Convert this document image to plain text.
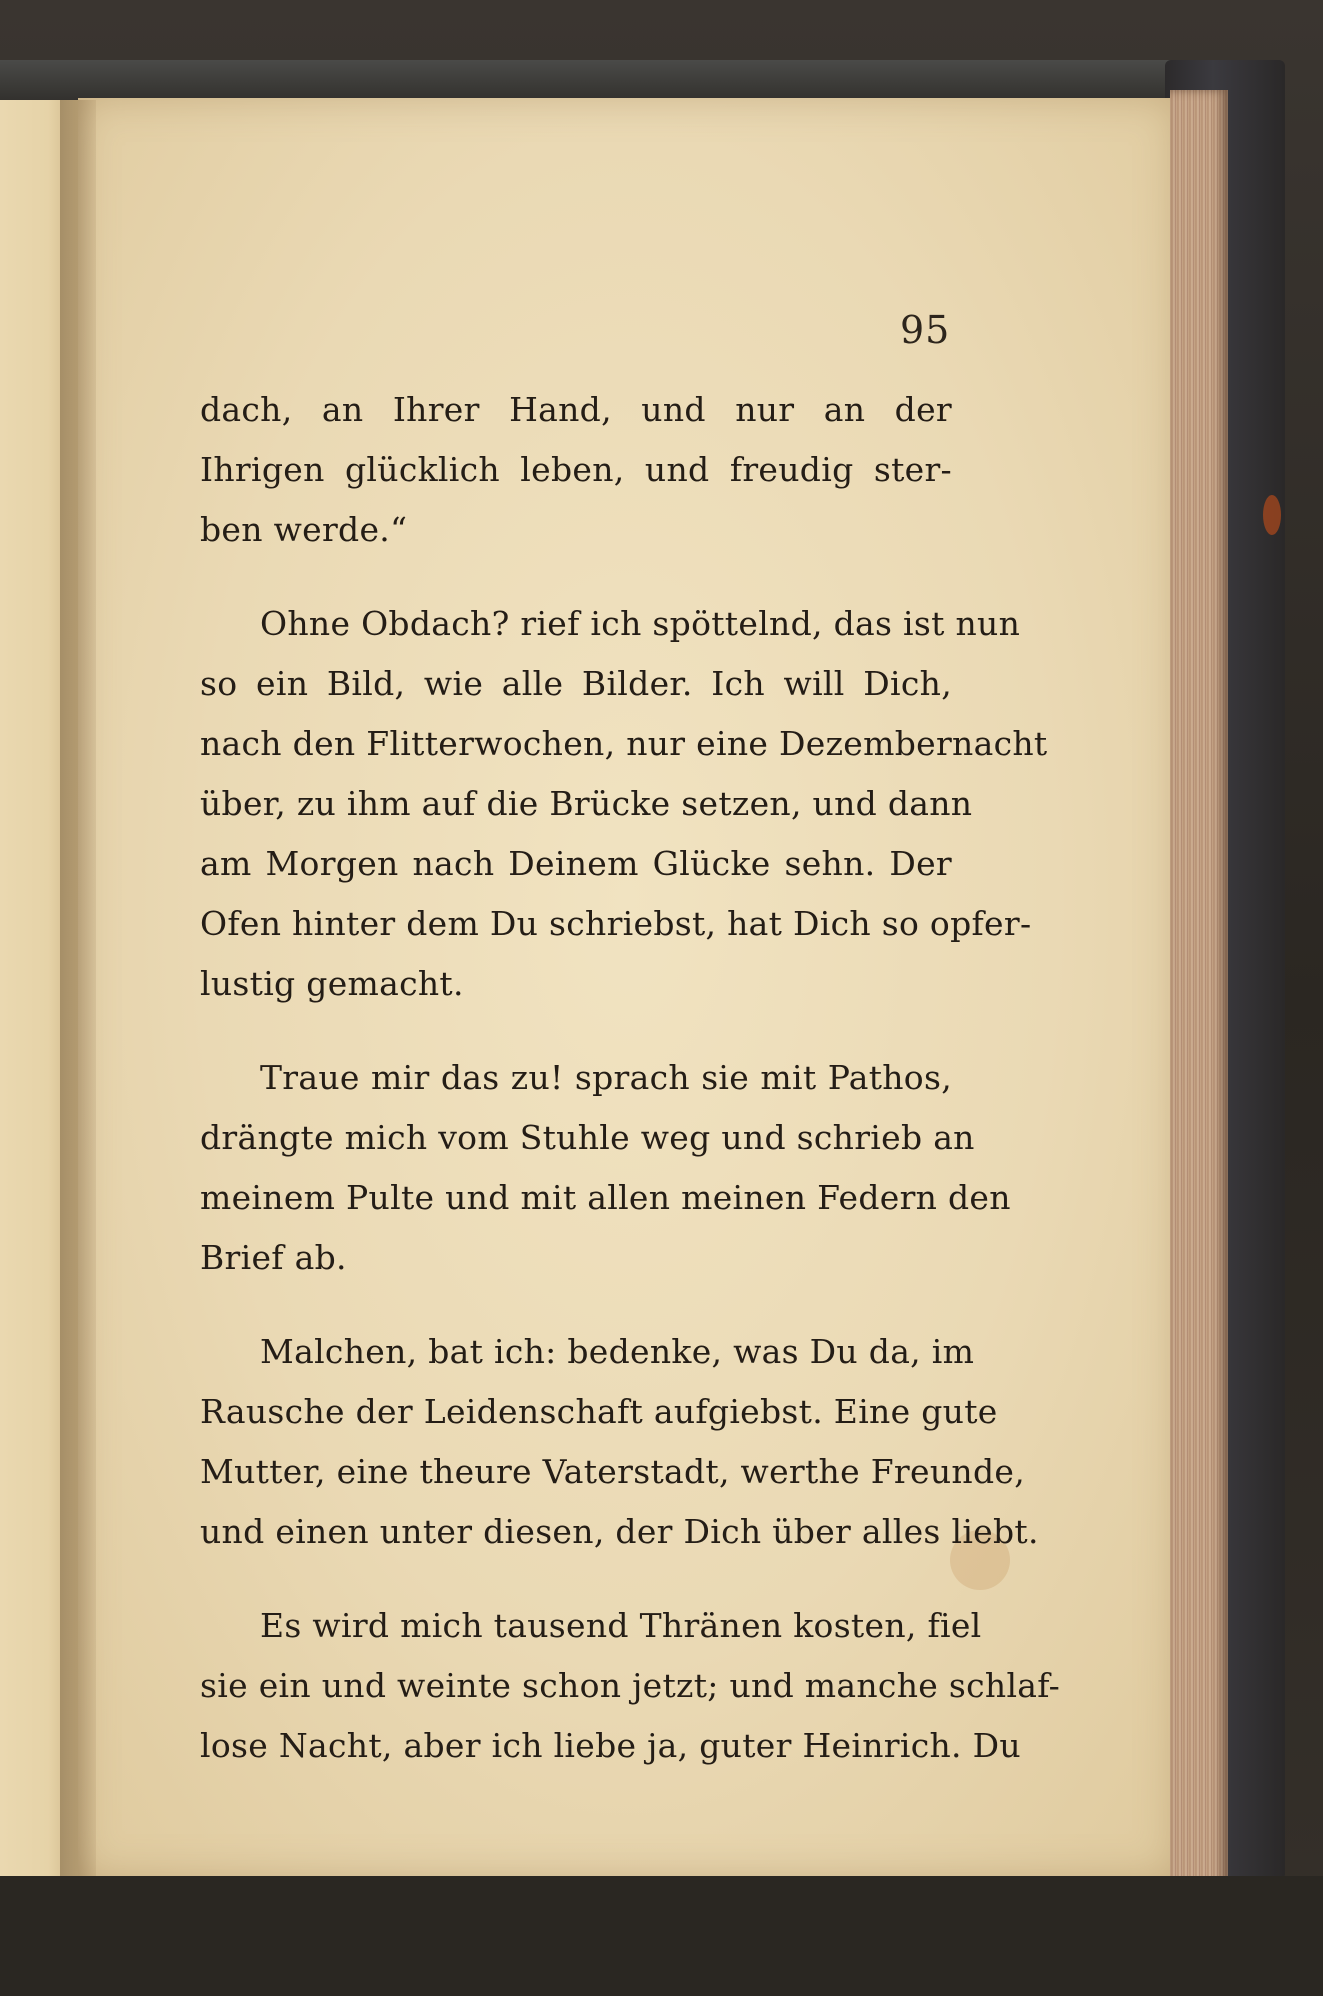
95
dach, an Ihrer Hand, und nur an der
Ihrigen glücklich leben, und freudig ster-
ben werde.“
Ohne Obdach? rief ich spöttelnd, das ist nun
so ein Bild, wie alle Bilder. Ich will Dich,
nach den Flitterwochen, nur eine Dezembernacht
über, zu ihm auf die Brücke setzen, und dann
am Morgen nach Deinem Glücke sehn. Der
Ofen hinter dem Du schriebst, hat Dich so opfer-
lustig gemacht.
Traue mir das zu! sprach sie mit Pathos,
drängte mich vom Stuhle weg und schrieb an
meinem Pulte und mit allen meinen Federn den
Brief ab.
Malchen, bat ich: bedenke, was Du da, im
Rausche der Leidenschaft aufgiebst. Eine gute
Mutter, eine theure Vaterstadt, werthe Freunde,
und einen unter diesen, der Dich über alles liebt.
Es wird mich tausend Thränen kosten, fiel
sie ein und weinte schon jetzt; und manche schlaf-
lose Nacht, aber ich liebe ja, guter Heinrich. Du
